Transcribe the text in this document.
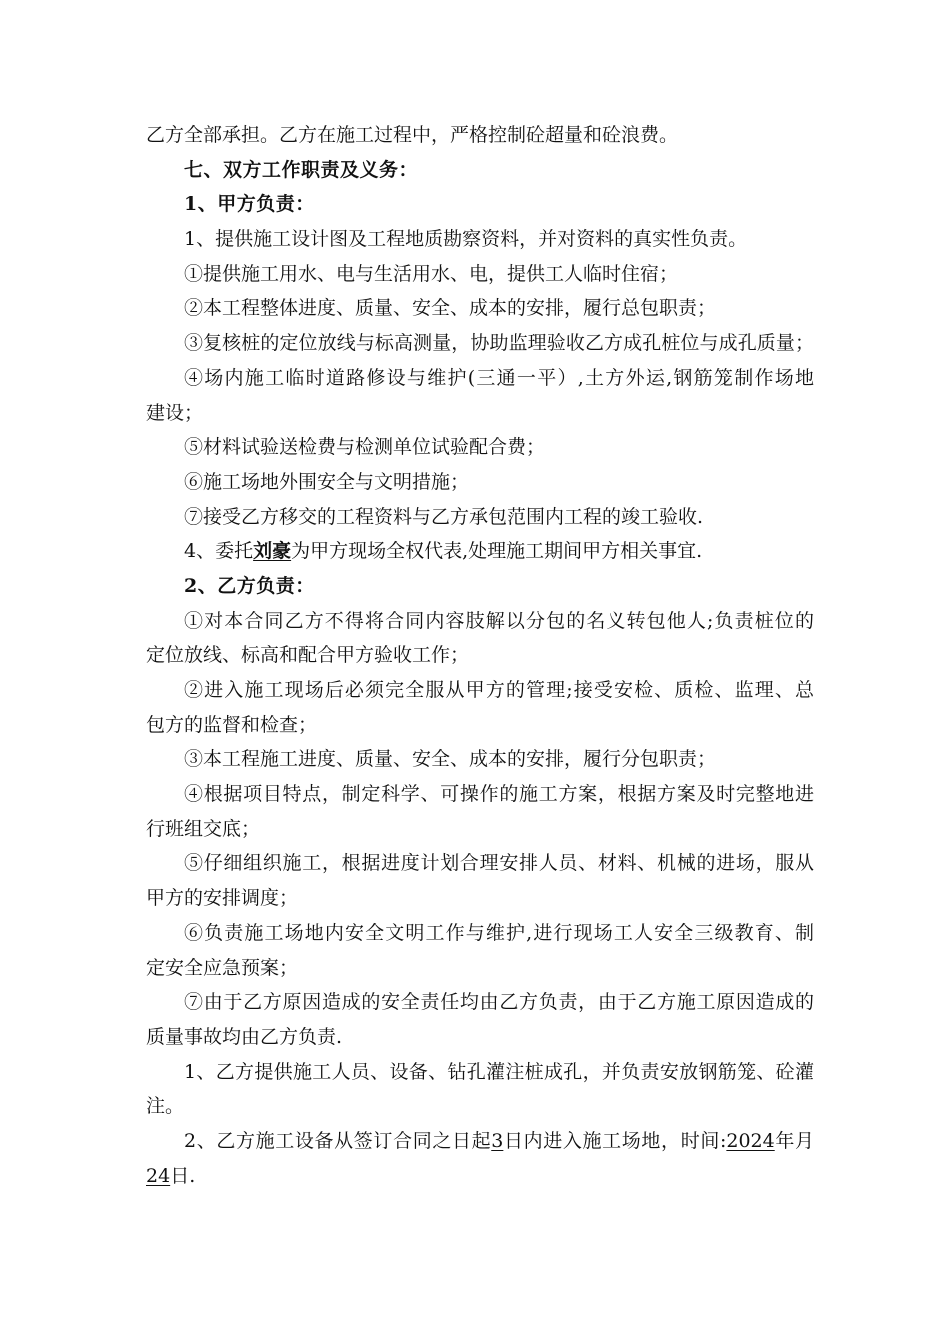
乙方全部承担。乙方在施工过程中，严格控制砼超量和砼浪费。
七、双方工作职责及义务：
1、甲方负责：
1、提供施工设计图及工程地质勘察资料，并对资料的真实性负责。
①提供施工用水、电与生活用水、电，提供工人临时住宿；
②本工程整体进度、质量、安全、成本的安排，履行总包职责；
③复核桩的定位放线与标高测量，协助监理验收乙方成孔桩位与成孔质量；
④场内施工临时道路修设与维护(三通一平）,土方外运,钢筋笼制作场地
建设；
⑤材料试验送检费与检测单位试验配合费；
⑥施工场地外围安全与文明措施；
⑦接受乙方移交的工程资料与乙方承包范围内工程的竣工验收.
4、委托刘豪为甲方现场全权代表,处理施工期间甲方相关事宜.
2、乙方负责：
①对本合同乙方不得将合同内容肢解以分包的名义转包他人;负责桩位的
定位放线、标高和配合甲方验收工作；
②进入施工现场后必须完全服从甲方的管理;接受安检、质检、监理、总
包方的监督和检查；
③本工程施工进度、质量、安全、成本的安排，履行分包职责；
④根据项目特点，制定科学、可操作的施工方案，根据方案及时完整地进
行班组交底；
⑤仔细组织施工，根据进度计划合理安排人员、材料、机械的进场，服从
甲方的安排调度；
⑥负责施工场地内安全文明工作与维护,进行现场工人安全三级教育、制
定安全应急预案；
⑦由于乙方原因造成的安全责任均由乙方负责，由于乙方施工原因造成的
质量事故均由乙方负责.
1、乙方提供施工人员、设备、钻孔灌注桩成孔，并负责安放钢筋笼、砼灌
注。
2、乙方施工设备从签订合同之日起3日内进入施工场地，时间:2024年月
24日.
